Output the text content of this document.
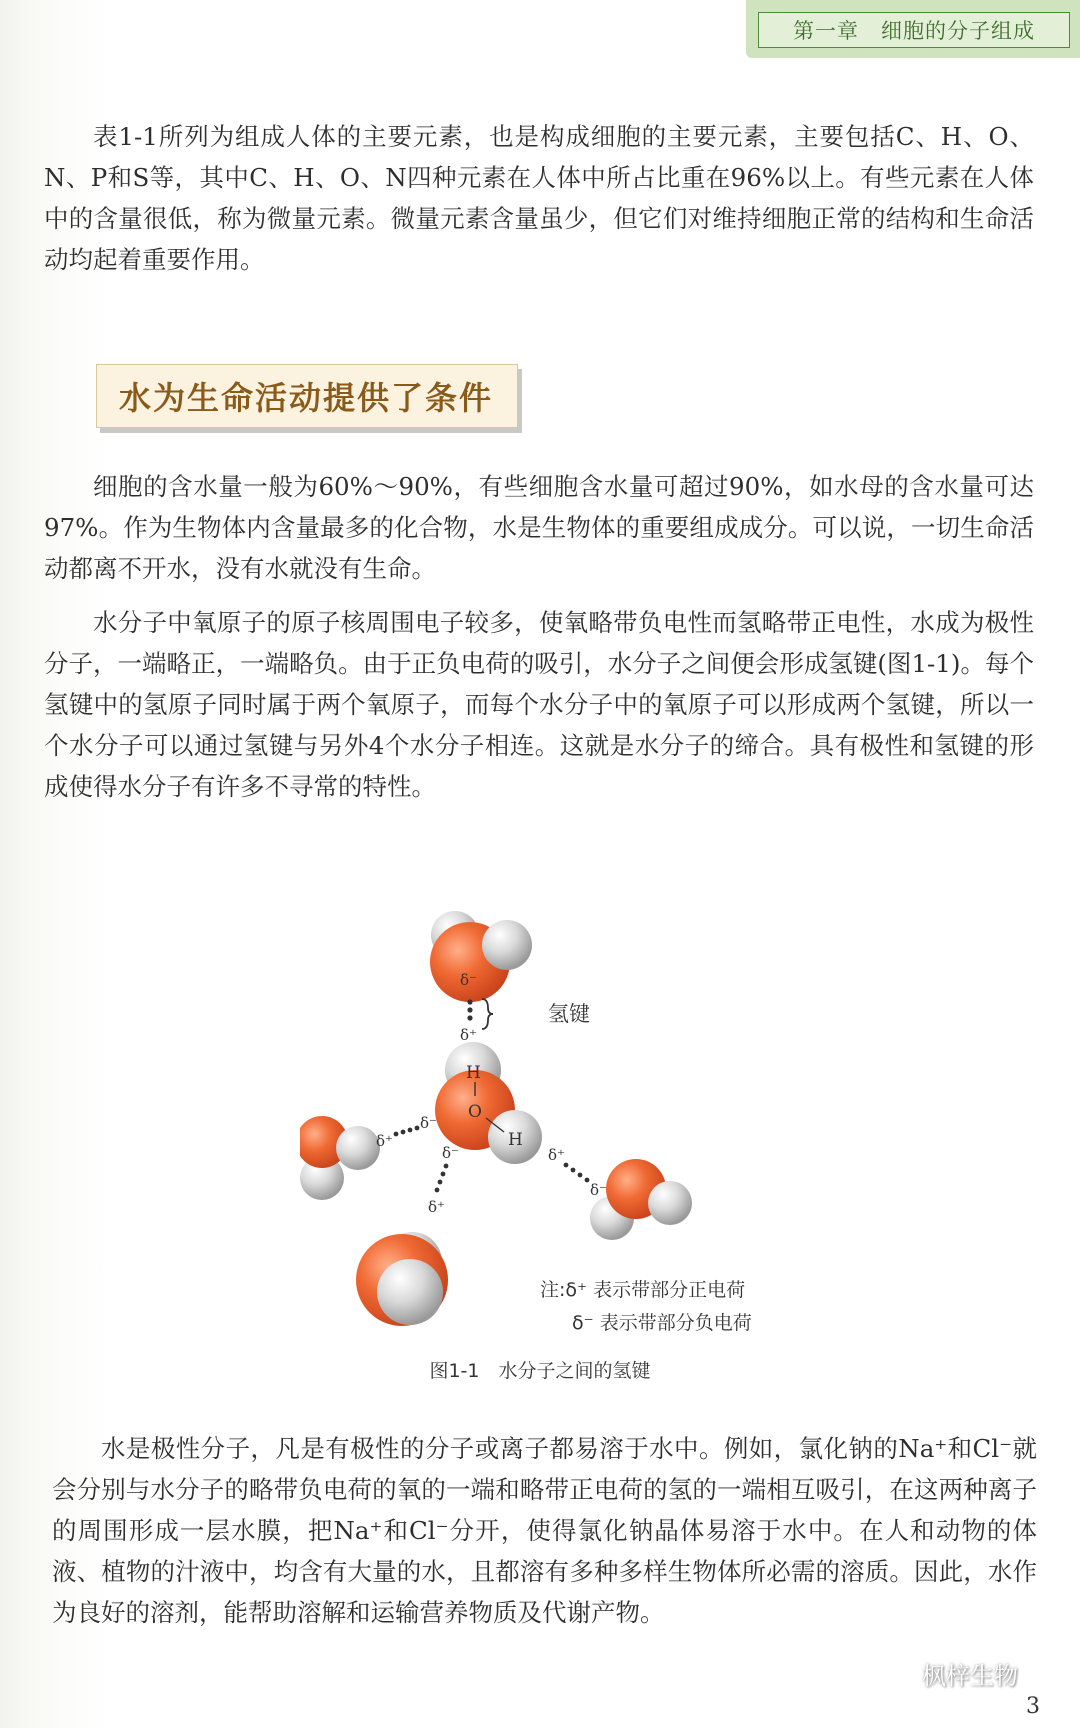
第一章　细胞的分子组成

表1-1所列为组成人体的主要元素，也是构成细胞的主要元素，主要包括C、H、O、N、P和S等，其中C、H、O、N四种元素在人体中所占比重在96%以上。有些元素在人体中的含量很低，称为微量元素。微量元素含量虽少，但它们对维持细胞正常的结构和生命活动均起着重要作用。

水为生命活动提供了条件

细胞的含水量一般为60%～90%，有些细胞含水量可超过90%，如水母的含水量可达97%。作为生物体内含量最多的化合物，水是生物体的重要组成成分。可以说，一切生命活动都离不开水，没有水就没有生命。

水分子中氧原子的原子核周围电子较多，使氧略带负电性而氢略带正电性，水成为极性分子，一端略正，一端略负。由于正负电荷的吸引，水分子之间便会形成氢键(图1-1)。每个氢键中的氢原子同时属于两个氧原子，而每个水分子中的氧原子可以形成两个氢键，所以一个水分子可以通过氢键与另外4个水分子相连。这就是水分子的缔合。具有极性和氢键的形成使得水分子有许多不寻常的特性。

δ⁻
δ⁺
H
O
H
δ⁺
δ⁻
δ⁺
δ⁻
δ⁻
δ⁺
氢键
注:δ⁺ 表示带部分正电荷
δ⁻ 表示带部分负电荷
图1-1　水分子之间的氢键

水是极性分子，凡是有极性的分子或离子都易溶于水中。例如，氯化钠的Na⁺和Cl⁻就会分别与水分子的略带负电荷的氧的一端和略带正电荷的氢的一端相互吸引，在这两种离子的周围形成一层水膜，把Na⁺和Cl⁻分开，使得氯化钠晶体易溶于水中。在人和动物的体液、植物的汁液中，均含有大量的水，且都溶有多种多样生物体所必需的溶质。因此，水作为良好的溶剂，能帮助溶解和运输营养物质及代谢产物。

枫梓生物
3
